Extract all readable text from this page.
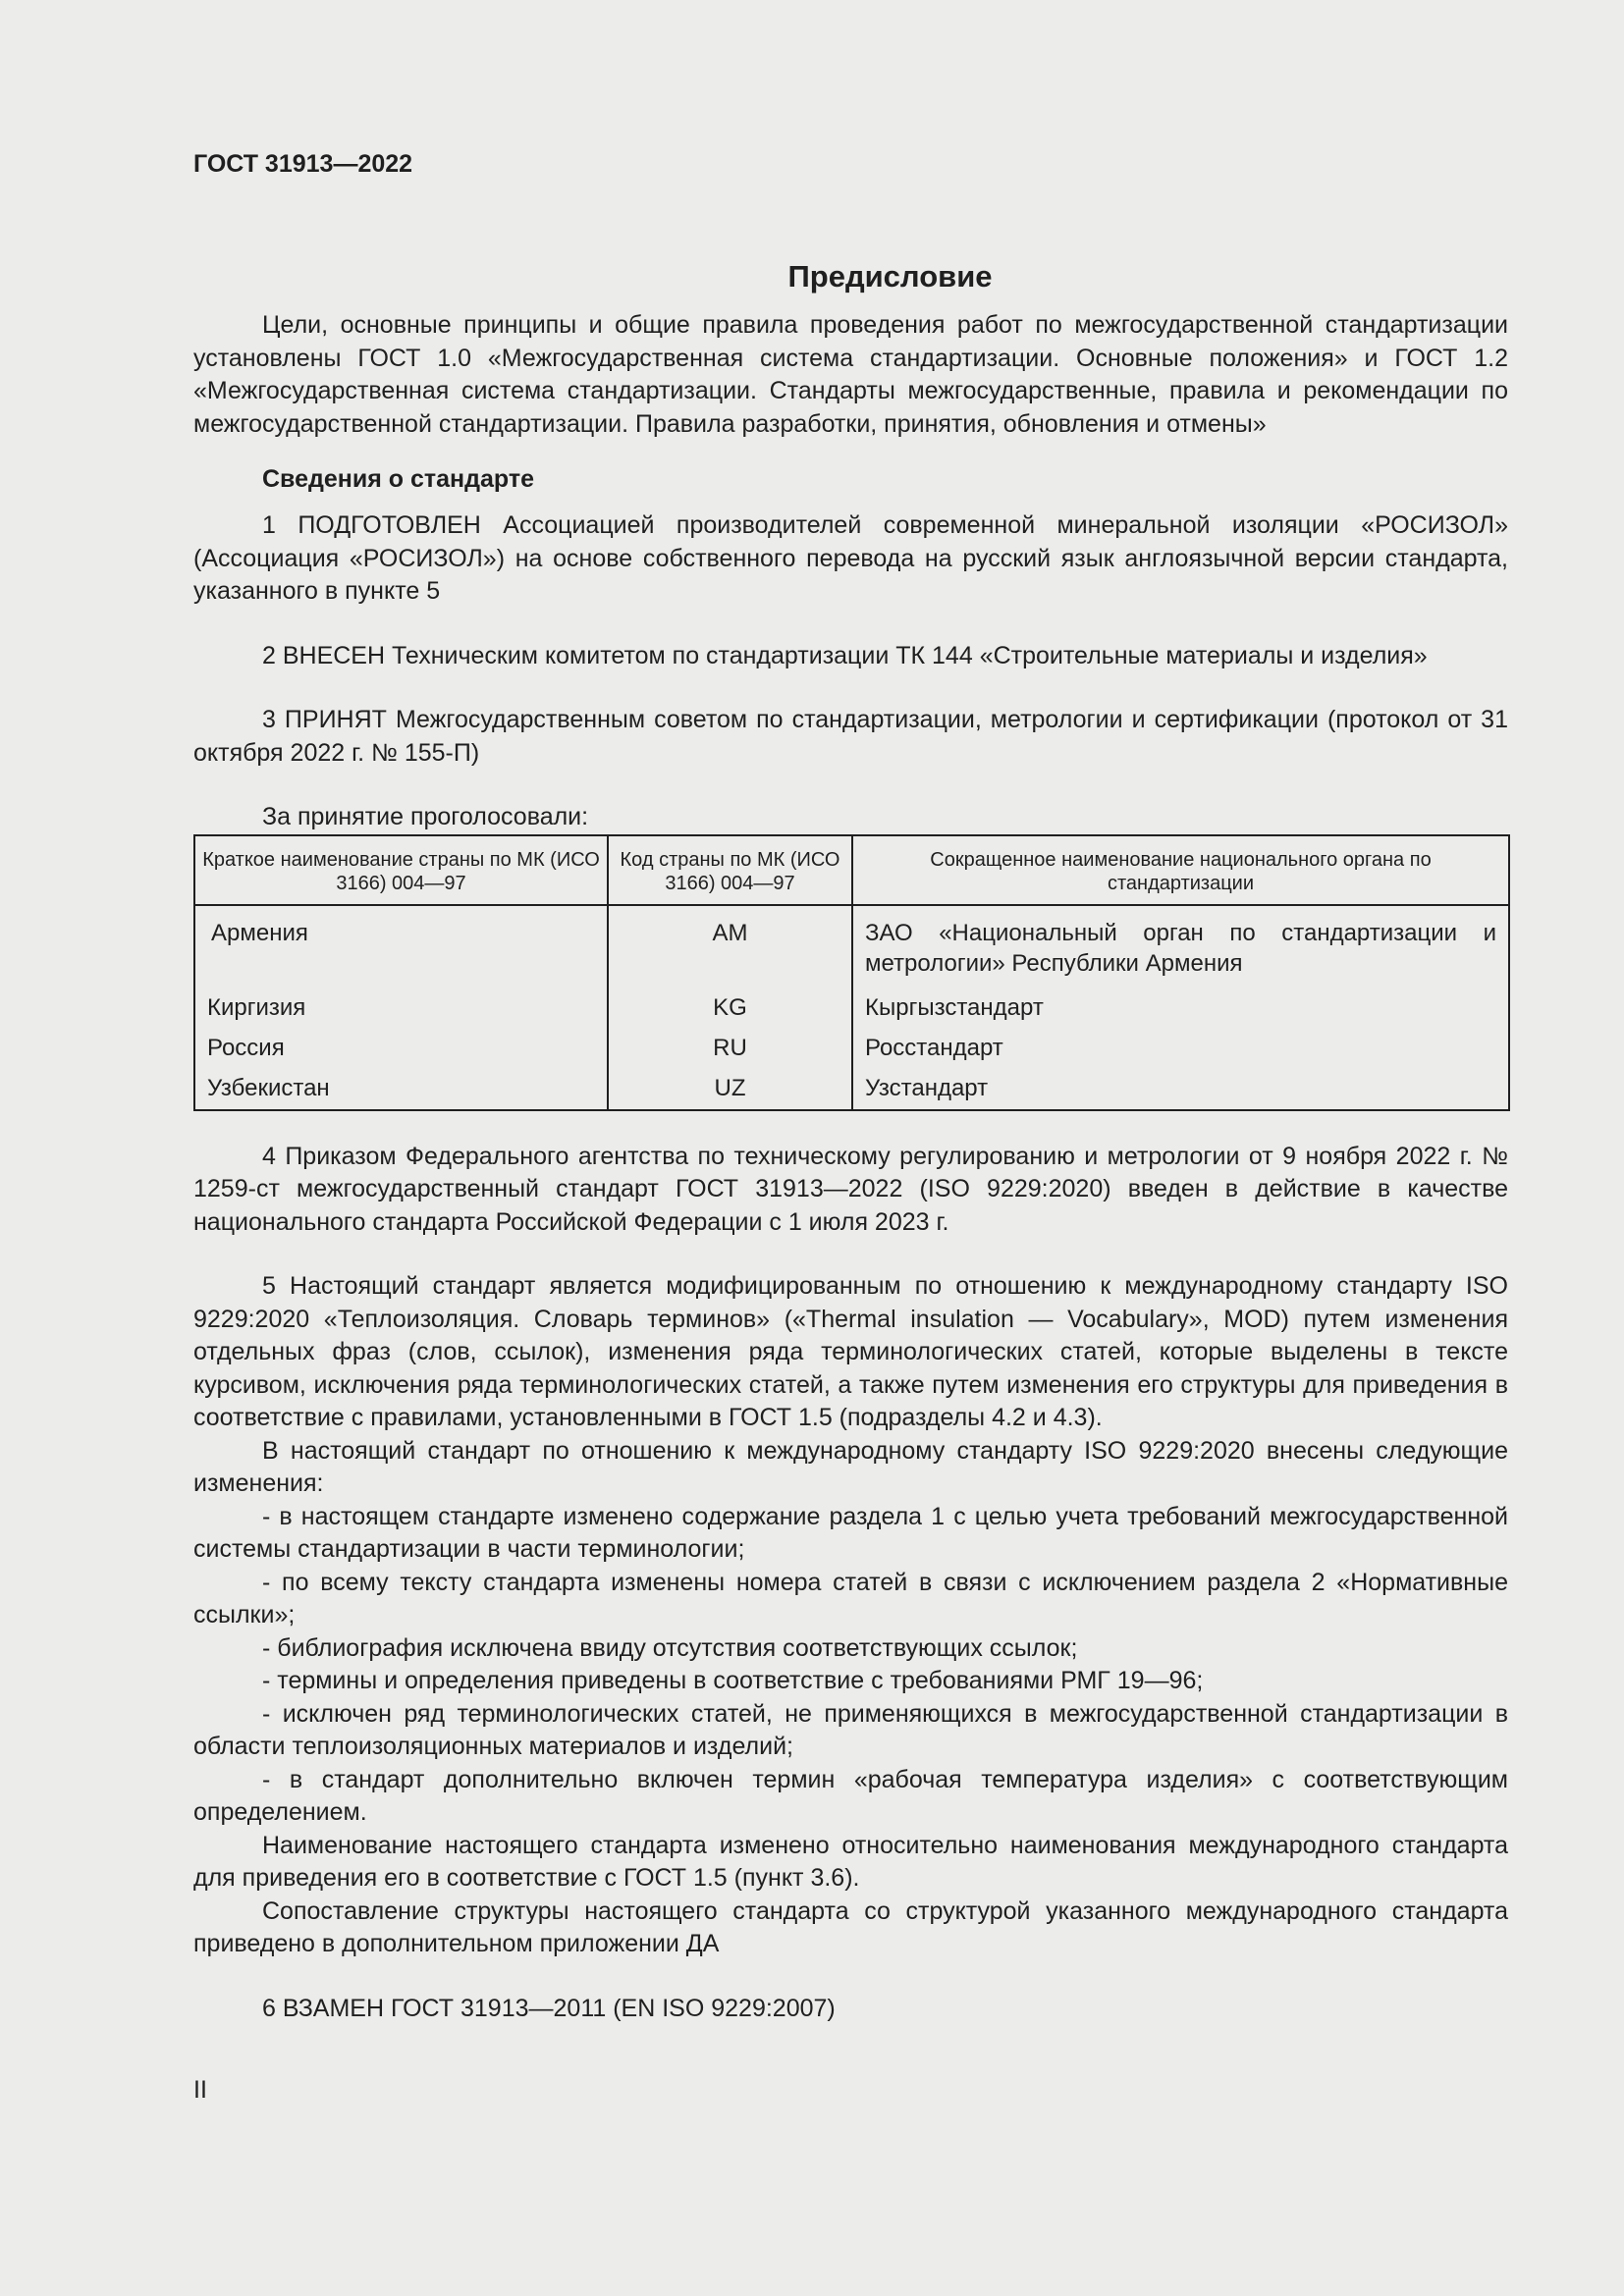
ГОСТ 31913—2022
Предисловие

Цели, основные принципы и общие правила проведения работ по межгосударственной стандартизации установлены ГОСТ 1.0 «Межгосударственная система стандартизации. Основные положения» и ГОСТ 1.2 «Межгосударственная система стандартизации. Стандарты межгосударственные, правила и рекомендации по межгосударственной стандартизации. Правила разработки, принятия, обновления и отмены»

Сведения о стандарте

1 ПОДГОТОВЛЕН Ассоциацией производителей современной минеральной изоляции «РОСИЗОЛ» (Ассоциация «РОСИЗОЛ») на основе собственного перевода на русский язык англоязычной версии стандарта, указанного в пункте 5

2 ВНЕСЕН Техническим комитетом по стандартизации ТК 144 «Строительные материалы и изделия»

3 ПРИНЯТ Межгосударственным советом по стандартизации, метрологии и сертификации (протокол от 31 октября 2022 г. № 155-П)

За принятие проголосовали:

Краткое наименование страны по МК (ИСО 3166) 004—97	Код страны по МК (ИСО 3166) 004—97	Сокращенное наименование национального органа по стандартизации
Армения	AM	ЗАО «Национальный орган по стандартизации и метрологии» Республики Армения
Киргизия	KG	Кыргызстандарт
Россия	RU	Росстандарт
Узбекистан	UZ	Узстандарт

4 Приказом Федерального агентства по техническому регулированию и метрологии от 9 ноября 2022 г. № 1259-ст межгосударственный стандарт ГОСТ 31913—2022 (ISO 9229:2020) введен в действие в качестве национального стандарта Российской Федерации с 1 июля 2023 г.

5 Настоящий стандарт является модифицированным по отношению к международному стандарту ISO 9229:2020 «Теплоизоляция. Словарь терминов» («Thermal insulation — Vocabulary», MOD) путем изменения отдельных фраз (слов, ссылок), изменения ряда терминологических статей, которые выделены в тексте курсивом, исключения ряда терминологических статей, а также путем изменения его структуры для приведения в соответствие с правилами, установленными в ГОСТ 1.5 (подразделы 4.2 и 4.3).

В настоящий стандарт по отношению к международному стандарту ISO 9229:2020 внесены следующие изменения:

- в настоящем стандарте изменено содержание раздела 1 с целью учета требований межгосударственной системы стандартизации в части терминологии;

- по всему тексту стандарта изменены номера статей в связи с исключением раздела 2 «Нормативные ссылки»;

- библиография исключена ввиду отсутствия соответствующих ссылок;

- термины и определения приведены в соответствие с требованиями РМГ 19—96;

- исключен ряд терминологических статей, не применяющихся в межгосударственной стандартизации в области теплоизоляционных материалов и изделий;

- в стандарт дополнительно включен термин «рабочая температура изделия» с соответствующим определением.

Наименование настоящего стандарта изменено относительно наименования международного стандарта для приведения его в соответствие с ГОСТ 1.5 (пункт 3.6).

Сопоставление структуры настоящего стандарта со структурой указанного международного стандарта приведено в дополнительном приложении ДА

6 ВЗАМЕН ГОСТ 31913—2011 (EN ISO 9229:2007)

II
